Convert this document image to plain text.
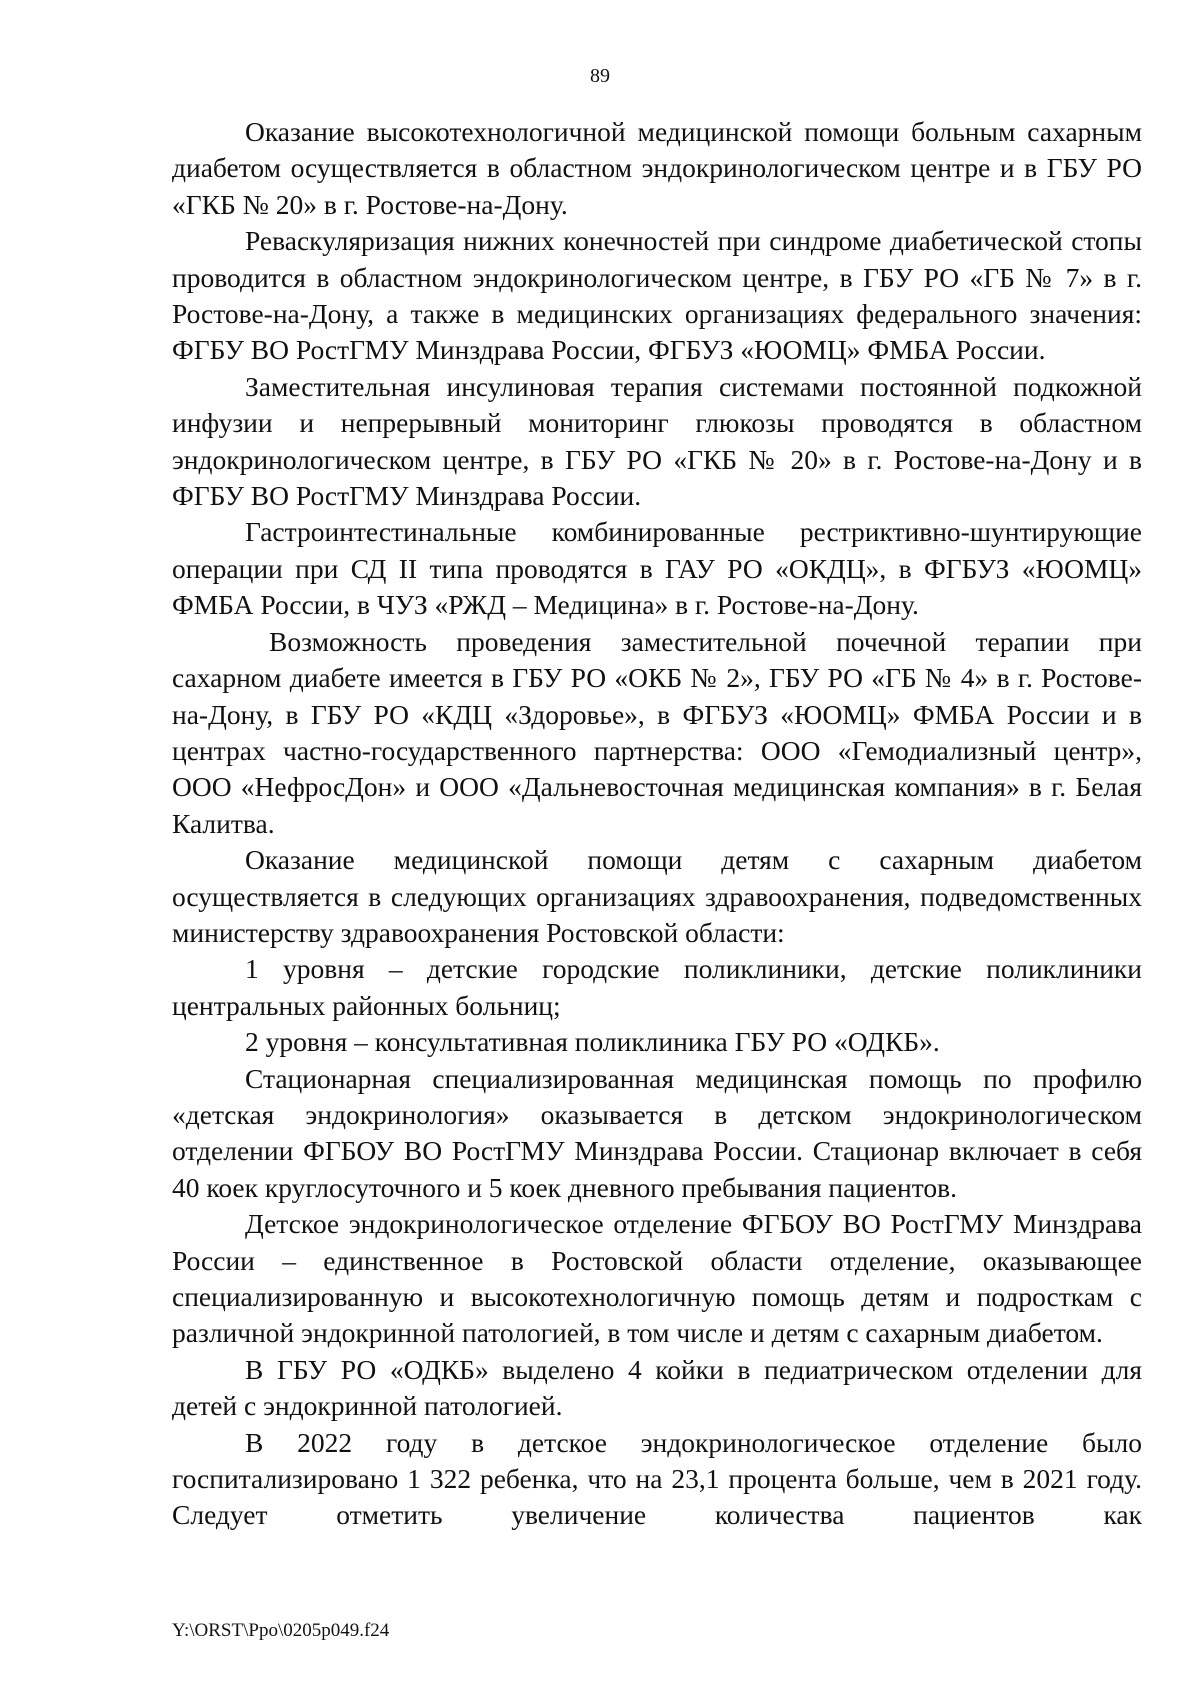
89

Оказание высокотехнологичной медицинской помощи больным сахарным диабетом осуществляется в областном эндокринологическом центре и в ГБУ РО «ГКБ № 20» в г. Ростове-на-Дону.

Реваскуляризация нижних конечностей при синдроме диабетической стопы проводится в областном эндокринологическом центре, в ГБУ РО «ГБ № 7» в г. Ростове-на-Дону, а также в медицинских организациях федерального значения: ФГБУ ВО РостГМУ Минздрава России, ФГБУЗ «ЮОМЦ» ФМБА России.

Заместительная инсулиновая терапия системами постоянной подкожной инфузии и непрерывный мониторинг глюкозы проводятся в областном эндокринологическом центре, в ГБУ РО «ГКБ № 20» в г. Ростове-на-Дону и в ФГБУ ВО РостГМУ Минздрава России.

Гастроинтестинальные комбинированные рестриктивно-шунтирующие операции при СД II типа проводятся в ГАУ РО «ОКДЦ», в ФГБУЗ «ЮОМЦ» ФМБА России, в ЧУЗ «РЖД – Медицина» в г. Ростове-на-Дону.

Возможность проведения заместительной почечной терапии при сахарном диабете имеется в ГБУ РО «ОКБ № 2», ГБУ РО «ГБ № 4» в г. Ростове-на-Дону, в ГБУ РО «КДЦ «Здоровье», в ФГБУЗ «ЮОМЦ» ФМБА России и в центрах частно-государственного партнерства: ООО «Гемодиализный центр», ООО «НефросДон» и ООО «Дальневосточная медицинская компания» в г. Белая Калитва.

Оказание медицинской помощи детям с сахарным диабетом осуществляется в следующих организациях здравоохранения, подведомственных министерству здравоохранения Ростовской области:

1 уровня – детские городские поликлиники, детские поликлиники центральных районных больниц;

2 уровня – консультативная поликлиника ГБУ РО «ОДКБ».

Стационарная специализированная медицинская помощь по профилю «детская эндокринология» оказывается в детском эндокринологическом отделении ФГБОУ ВО РостГМУ Минздрава России. Стационар включает в себя 40 коек круглосуточного и 5 коек дневного пребывания пациентов.

Детское эндокринологическое отделение ФГБОУ ВО РостГМУ Минздрава России – единственное в Ростовской области отделение, оказывающее специализированную и высокотехнологичную помощь детям и подросткам с различной эндокринной патологией, в том числе и детям с сахарным диабетом.

В ГБУ РО «ОДКБ» выделено 4 койки в педиатрическом отделении для детей с эндокринной патологией.

В 2022 году в детское эндокринологическое отделение было госпитализировано 1 322 ребенка, что на 23,1 процента больше, чем в 2021 году. Следует отметить увеличение количества пациентов как

Y:\ORST\Ppo\0205p049.f24
